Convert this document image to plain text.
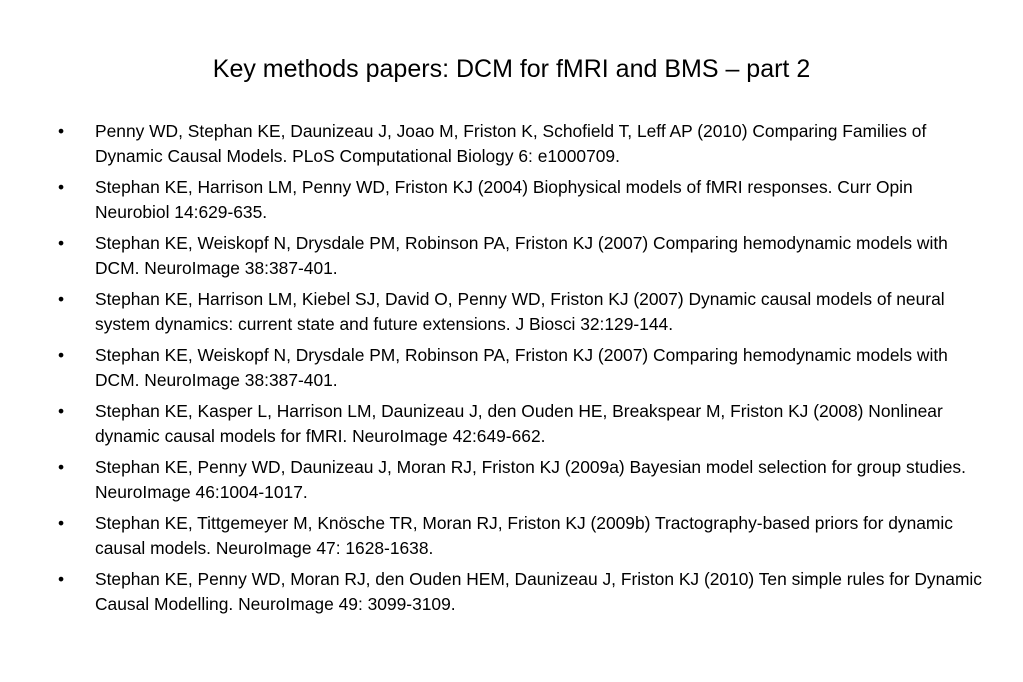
Key methods papers: DCM for fMRI and BMS – part 2
•	Penny WD, Stephan KE, Daunizeau J, Joao M, Friston K, Schofield T, Leff AP (2010) Comparing Families of Dynamic Causal Models. PLoS Computational Biology 6: e1000709.
•	Stephan KE, Harrison LM, Penny WD, Friston KJ (2004) Biophysical models of fMRI responses. Curr Opin Neurobiol 14:629-635.
•	Stephan KE, Weiskopf N, Drysdale PM, Robinson PA, Friston KJ (2007) Comparing hemodynamic models with DCM. NeuroImage 38:387-401.
•	Stephan KE, Harrison LM, Kiebel SJ, David O, Penny WD, Friston KJ (2007) Dynamic causal models of neural system dynamics: current state and future extensions. J Biosci 32:129-144.
•	Stephan KE, Weiskopf N, Drysdale PM, Robinson PA, Friston KJ (2007) Comparing hemodynamic models with DCM. NeuroImage 38:387-401.
•	Stephan KE, Kasper L, Harrison LM, Daunizeau J, den Ouden HE, Breakspear M, Friston KJ (2008) Nonlinear dynamic causal models for fMRI. NeuroImage 42:649-662.
•	Stephan KE, Penny WD, Daunizeau J, Moran RJ, Friston KJ (2009a) Bayesian model selection for group studies. NeuroImage 46:1004-1017.
•	Stephan KE, Tittgemeyer M, Knösche TR, Moran RJ, Friston KJ (2009b) Tractography-based priors for dynamic causal models. NeuroImage 47: 1628-1638.
•	Stephan KE, Penny WD, Moran RJ, den Ouden HEM, Daunizeau J, Friston KJ (2010) Ten simple rules for Dynamic Causal Modelling. NeuroImage 49: 3099-3109.
